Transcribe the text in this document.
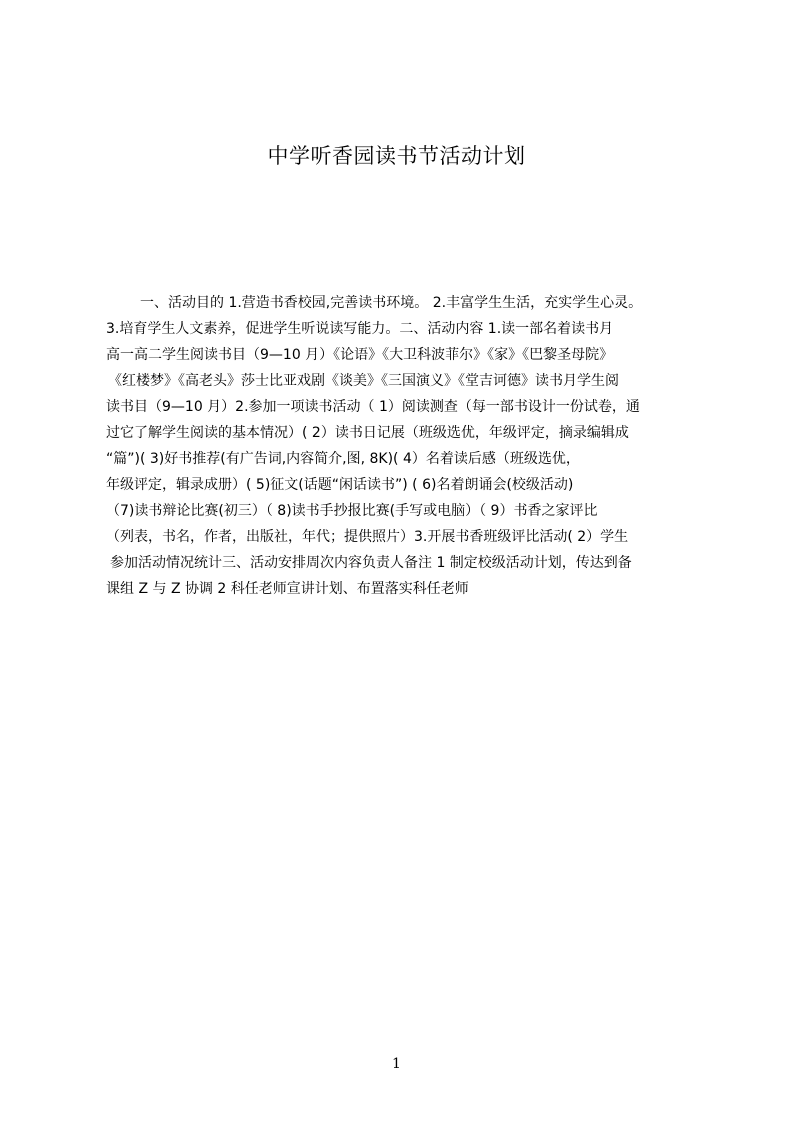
中学听香园读书节活动计划
一、活动目的 1.营造书香校园,完善读书环境。 2.丰富学生生活，充实学生心灵。
3.培育学生人文素养，促进学生听说读写能力。二、活动内容 1.读一部名着读书月
高一高二学生阅读书目（9—10 月）《论语》《大卫科波菲尔》《家》《巴黎圣母院》
《红楼梦》《高老头》莎士比亚戏剧《谈美》《三国演义》《堂吉诃德》读书月学生阅
读书目（9—10 月）2.参加一项读书活动（ 1）阅读测查（每一部书设计一份试卷，通
过它了解学生阅读的基本情况）( 2）读书日记展（班级选优，年级评定，摘录编辑成
“篇”)( 3)好书推荐(有广告词,内容简介,图, 8K)( 4）名着读后感（班级选优，
年级评定，辑录成册）( 5)征文(话题“闲话读书”) ( 6)名着朗诵会(校级活动)
（7)读书辩论比赛(初三）（ 8)读书手抄报比赛(手写或电脑）（ 9）书香之家评比
（列表，书名，作者，出版社，年代；提供照片）3.开展书香班级评比活动( 2）学生
参加活动情况统计三、活动安排周次内容负责人备注 1 制定校级活动计划，传达到备
课组 Z 与 Z 协调 2 科任老师宣讲计划、布置落实科任老师
1
